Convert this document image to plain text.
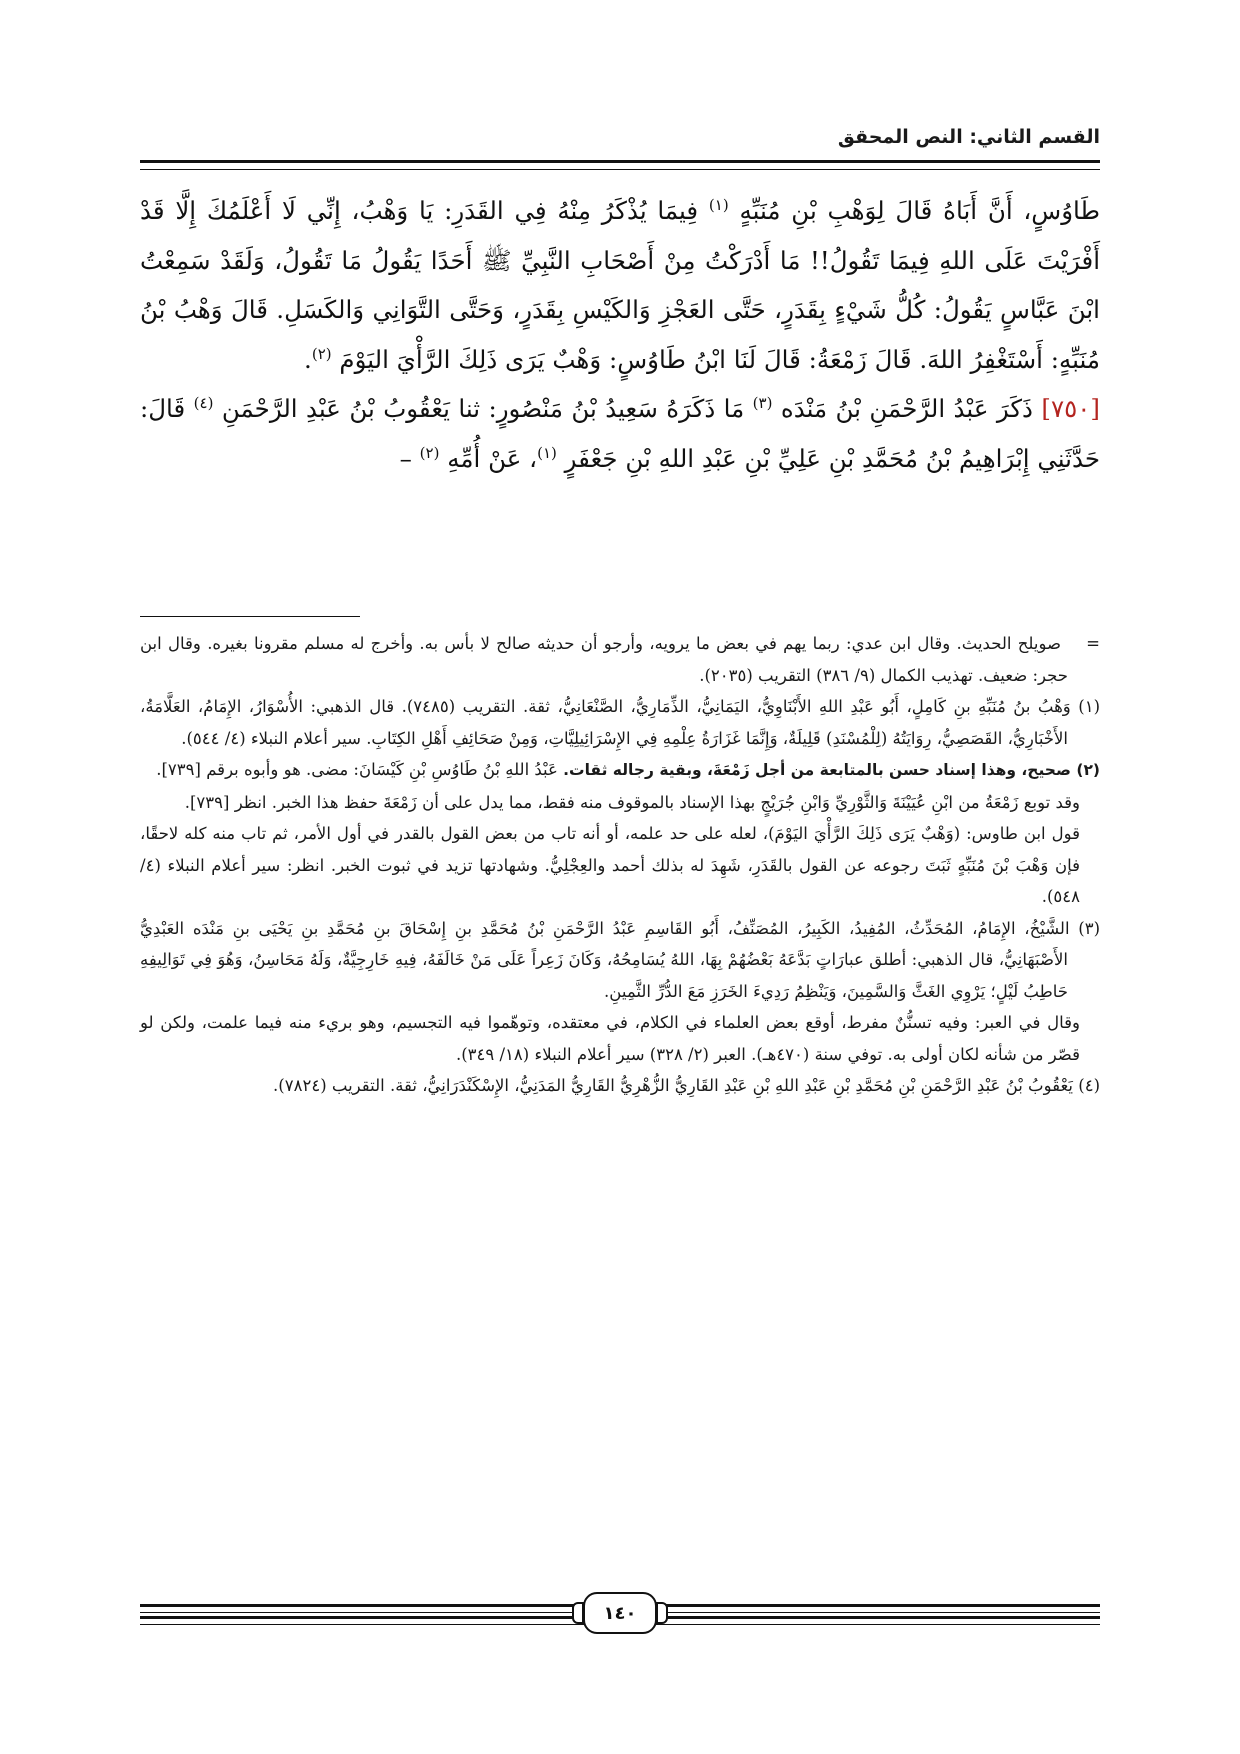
القسم الثاني: النص المحقق

طَاوُسٍ، أَنَّ أَبَاهُ قَالَ لِوَهْبِ بْنِ مُنَبِّهٍ $^{(١)}$ فِيمَا يُذْكَرُ مِنْهُ فِي القَدَرِ: يَا وَهْبُ، إِنِّي لَا أَعْلَمُكَ إِلَّا قَدْ أَفْرَيْتَ عَلَى اللهِ فِيمَا تَقُولُ!! مَا أَدْرَكْتُ مِنْ أَصْحَابِ النَّبِيِّ ﷺ أَحَدًا يَقُولُ مَا تَقُولُ، وَلَقَدْ سَمِعْتُ ابْنَ عَبَّاسٍ يَقُولُ: كُلُّ شَيْءٍ بِقَدَرٍ، حَتَّى العَجْزِ وَالكَيْسِ بِقَدَرٍ، وَحَتَّى التَّوَانِي وَالكَسَلِ. قَالَ وَهْبُ بْنُ مُنَبِّهٍ: أَسْتَغْفِرُ اللهَ. قَالَ زَمْعَةُ: قَالَ لَنَا ابْنُ طَاوُسٍ: وَهْبٌ يَرَى ذَلِكَ الرَّأْيَ اليَوْمَ $^{(٢)}$.

[٧٥٠] ذَكَرَ عَبْدُ الرَّحْمَنِ بْنُ مَنْدَه $^{(٣)}$ مَا ذَكَرَهُ سَعِيدُ بْنُ مَنْصُورٍ: ثنا يَعْقُوبُ بْنُ عَبْدِ الرَّحْمَنِ $^{(٤)}$ قَالَ: حَدَّثَنِي إِبْرَاهِيمُ بْنُ مُحَمَّدِ بْنِ عَلِيِّ بْنِ عَبْدِ اللهِ بْنِ جَعْفَرٍ $^{(١)}$، عَنْ أُمِّهِ $^{(٢)}$ –

=    صويلح الحديث. وقال ابن عدي: ربما يهم في بعض ما يرويه، وأرجو أن حديثه صالح لا بأس به. وأخرج له مسلم مقرونا بغيره. وقال ابن حجر: ضعيف. تهذيب الكمال (٩/ ٣٨٦) التقريب (٢٠٣٥).

(١) وَهْبُ بنُ مُنَبِّهِ بنِ كَامِلٍ، أَبُو عَبْدِ اللهِ الأَبْنَاوِيُّ، اليَمَانِيُّ، الذِّمَارِيُّ، الصَّنْعَانِيُّ، ثقة. التقريب (٧٤٨٥). قال الذهبي: الأُسْوَارُ، الإِمَامُ، العَلَّامَةُ، الأَخْبَارِيُّ، القَصَصِيُّ، رِوَايَتُهُ (لِلْمُسْنَدِ) قَلِيلَةٌ، وَإِنَّمَا غَزَارَةُ عِلْمِهِ فِي الإِسْرَائِيلِيَّاتِ، وَمِنْ صَحَائِفِ أَهْلِ الكِتَابِ. سير أعلام النبلاء (٤/ ٥٤٤).

(٢) صحيح، وهذا إسناد حسن بالمتابعة من أجل زَمْعَةَ، وبقية رجاله ثقات. عَبْدُ اللهِ بْنُ طَاوُسِ بْنِ كَيْسَانَ: مضى. هو وأبوه برقم [٧٣٩].

وقد توبع زَمْعَةُ من ابْنِ عُيَيْنَةَ وَالثَّوْرِيِّ وَابْنِ جُرَيْجٍ بهذا الإسناد بالموقوف منه فقط، مما يدل على أن زَمْعَةَ حفظ هذا الخبر. انظر [٧٣٩].

قول ابن طاوس: (وَهْبٌ يَرَى ذَلِكَ الرَّأْيَ اليَوْمَ)، لعله على حد علمه، أو أنه تاب من بعض القول بالقدر في أول الأمر، ثم تاب منه كله لاحقًا، فإن وَهْبَ بْنَ مُنَبِّهٍ ثَبَتَ رجوعه عن القول بالقَدَرِ، شَهِدَ له بذلك أحمد والعِجْلِيُّ. وشهادتها تزيد في ثبوت الخبر. انظر: سير أعلام النبلاء (٤/ ٥٤٨).

(٣) الشَّيْخُ، الإِمَامُ، المُحَدِّثُ، المُفِيدُ، الكَبِيرُ، المُصَنِّفُ، أَبُو القَاسِمِ عَبْدُ الرَّحْمَنِ بْنُ مُحَمَّدِ بنِ إِسْحَاقَ بنِ مُحَمَّدِ بنِ يَحْيَى بنِ مَنْدَه العَبْدِيُّ الأَصْبَهَانِيُّ، قال الذهبي: أطلق عبارَاتٍ بَدَّعَهُ بَعْضُهُمْ بِهَا، اللهُ يُسَامِحُهُ، وَكَانَ زَعِراً عَلَى مَنْ خَالَفَهُ، فِيهِ خَارِجِيَّةٌ، وَلَهُ مَحَاسِنُ، وَهُوَ فِي تَوَالِيفِهِ حَاطِبُ لَيْلٍ؛ يَرْوِي الغَثَّ وَالسَّمِينَ، وَيَنْظِمُ رَدِيءَ الخَرَزِ مَعَ الدُّرِّ الثَّمِينِ.

وقال في العبر: وفيه تسنُّنٌ مفرط، أوقع بعض العلماء في الكلام، في معتقده، وتوهّموا فيه التجسيم، وهو بريء منه فيما علمت، ولكن لو قصّر من شأنه لكان أولى به. توفي سنة (٤٧٠هـ). العبر (٢/ ٣٢٨) سير أعلام النبلاء (١٨/ ٣٤٩).

(٤) يَعْقُوبُ بْنُ عَبْدِ الرَّحْمَنِ بْنِ مُحَمَّدِ بْنِ عَبْدِ اللهِ بْنِ عَبْدِ القَارِيُّ الزُّهْرِيُّ القَارِيُّ المَدَنِيُّ، الإِسْكَنْدَرَانِيُّ، ثقة. التقريب (٧٨٢٤).

١٤٠
